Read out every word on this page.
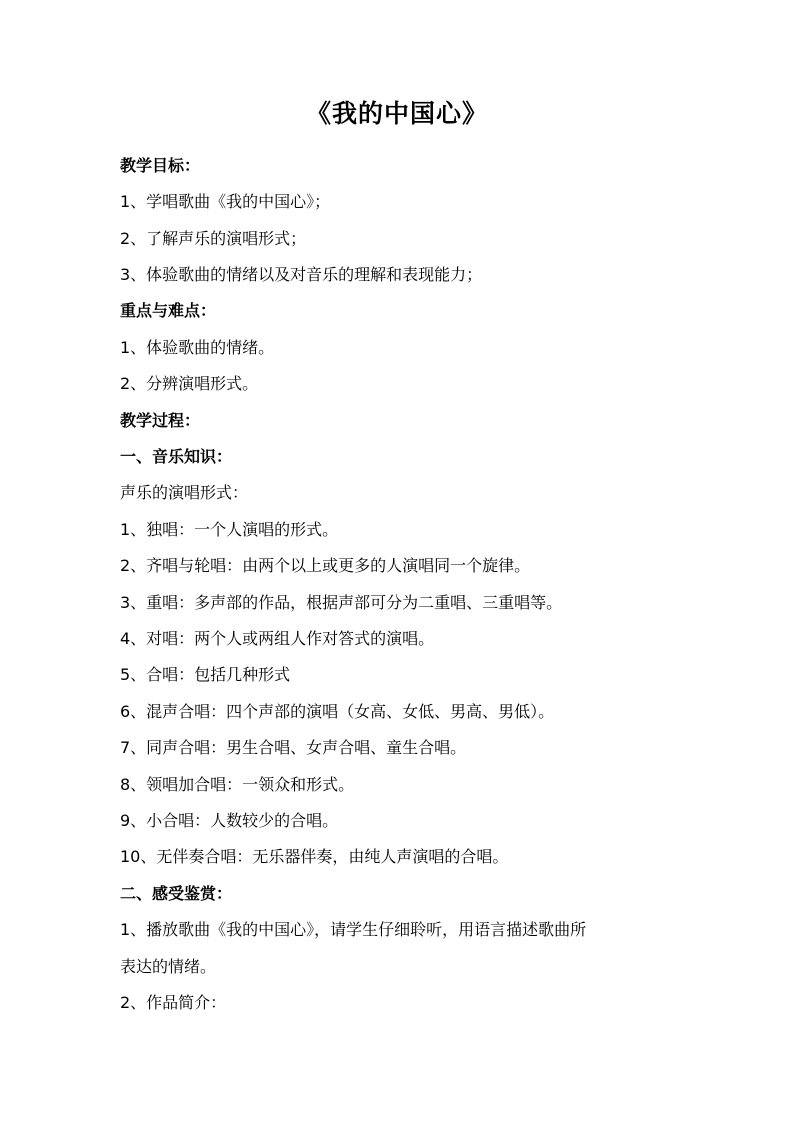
《我的中国心》

教学目标：

1、学唱歌曲《我的中国心》；

2、了解声乐的演唱形式；

3、体验歌曲的情绪以及对音乐的理解和表现能力；

重点与难点：

1、体验歌曲的情绪。

2、分辨演唱形式。

教学过程：

一、音乐知识：

声乐的演唱形式：

1、独唱：一个人演唱的形式。

2、齐唱与轮唱：由两个以上或更多的人演唱同一个旋律。

3、重唱：多声部的作品，根据声部可分为二重唱、三重唱等。

4、对唱：两个人或两组人作对答式的演唱。

5、合唱：包括几种形式

6、混声合唱：四个声部的演唱（女高、女低、男高、男低）。

7、同声合唱：男生合唱、女声合唱、童生合唱。

8、领唱加合唱：一领众和形式。

9、小合唱：人数较少的合唱。

10、无伴奏合唱：无乐器伴奏，由纯人声演唱的合唱。

二、感受鉴赏：

1、播放歌曲《我的中国心》，请学生仔细聆听，用语言描述歌曲所

表达的情绪。

2、作品简介：
